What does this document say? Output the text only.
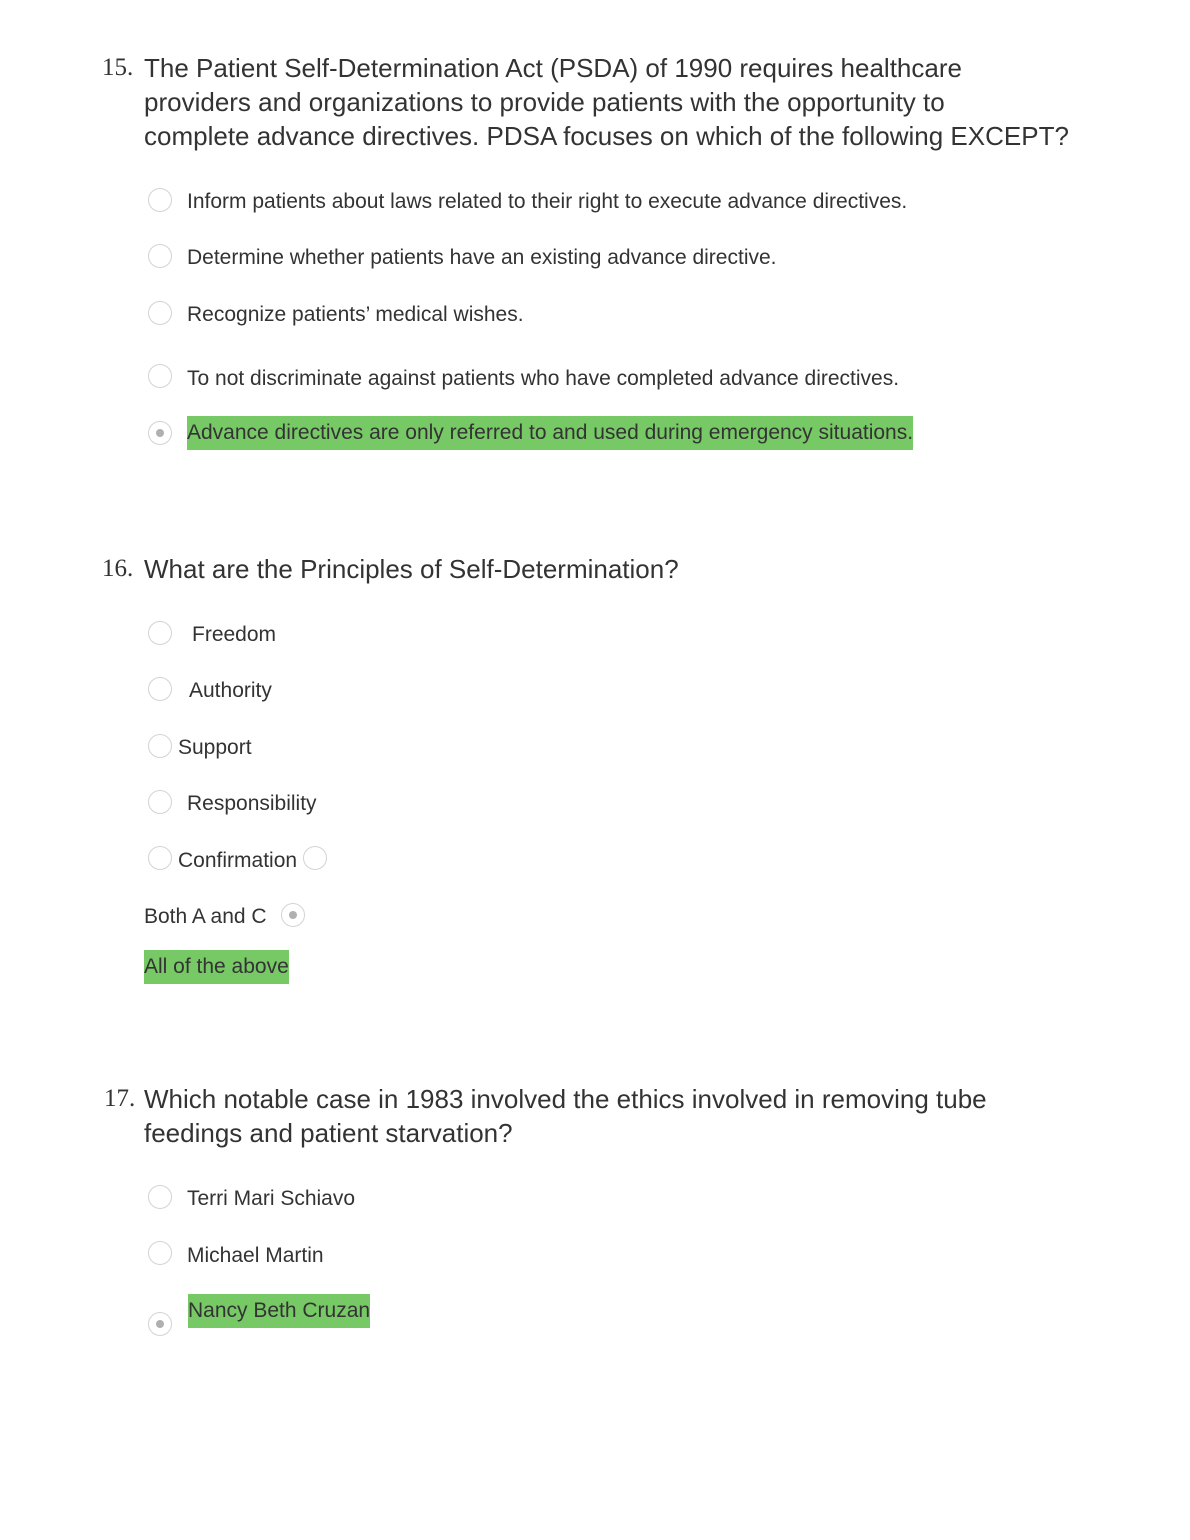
15. The Patient Self-Determination Act (PSDA) of 1990 requires healthcare
providers and organizations to provide patients with the opportunity to
complete advance directives. PDSA focuses on which of the following EXCEPT?
Inform patients about laws related to their right to execute advance directives.
Determine whether patients have an existing advance directive.
Recognize patients’ medical wishes.
To not discriminate against patients who have completed advance directives.
Advance directives are only referred to and used during emergency situations.
16. What are the Principles of Self-Determination?
Freedom
Authority
Support
Responsibility
Confirmation
Both A and C
All of the above
17. Which notable case in 1983 involved the ethics involved in removing tube
feedings and patient starvation?
Terri Mari Schiavo
Michael Martin
Nancy Beth Cruzan
